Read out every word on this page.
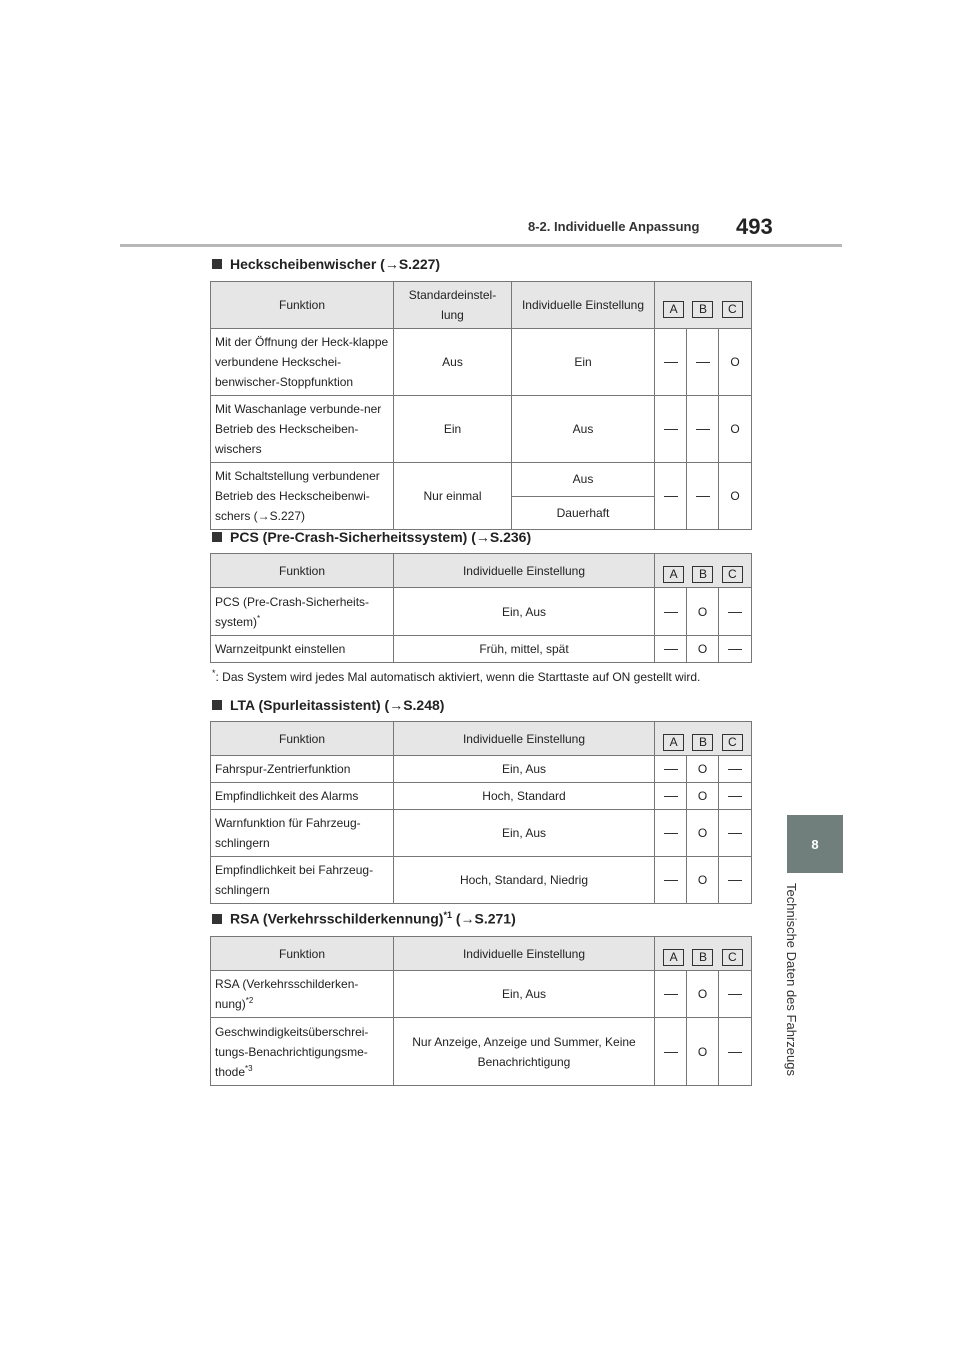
8-2. Individuelle Anpassung 493
8
Technische Daten des Fahrzeugs
Heckscheibenwischer (→S.227)
Funktion	Standardeinstel-lung	Individuelle Einstellung	A B C		

Mit der Öffnung der Heck-klappe verbundene Heckschei-benwischer-Stoppfunktion	Aus	Ein			O
Mit Waschanlage verbunde-ner Betrieb des Heckscheiben-wischers	Ein	Aus			O
Mit Schaltstellung verbundener Betrieb des Heckscheibenwi-schers (→S.227)	Nur einmal	Aus			O
		Dauerhaft			
PCS (Pre-Crash-Sicherheitssystem) (→S.236)
Funktion	Individuelle Einstellung	A B C		

PCS (Pre-Crash-Sicherheits-system)*	Ein, Aus		O	
Warnzeitpunkt einstellen	Früh, mittel, spät		O	
*: Das System wird jedes Mal automatisch aktiviert, wenn die Starttaste auf ON gestellt wird.
LTA (Spurleitassistent) (→S.248)
Funktion	Individuelle Einstellung	A B C		

Fahrspur-Zentrierfunktion	Ein, Aus		O	
Empfindlichkeit des Alarms	Hoch, Standard		O	
Warnfunktion für Fahrzeug-schlingern	Ein, Aus		O	
Empfindlichkeit bei Fahrzeug-schlingern	Hoch, Standard, Niedrig		O	
RSA (Verkehrsschilderkennung)$^{*1}$ (→S.271)
Funktion	Individuelle Einstellung	A B C		

RSA (Verkehrsschilderken-nung)$^{*2}$	Ein, Aus		O	
Geschwindigkeitsüberschrei-tungs-Benachrichtigungsme-thode$^{*3}$	Nur Anzeige, Anzeige und Summer, Keine Benachrichtigung		O	
